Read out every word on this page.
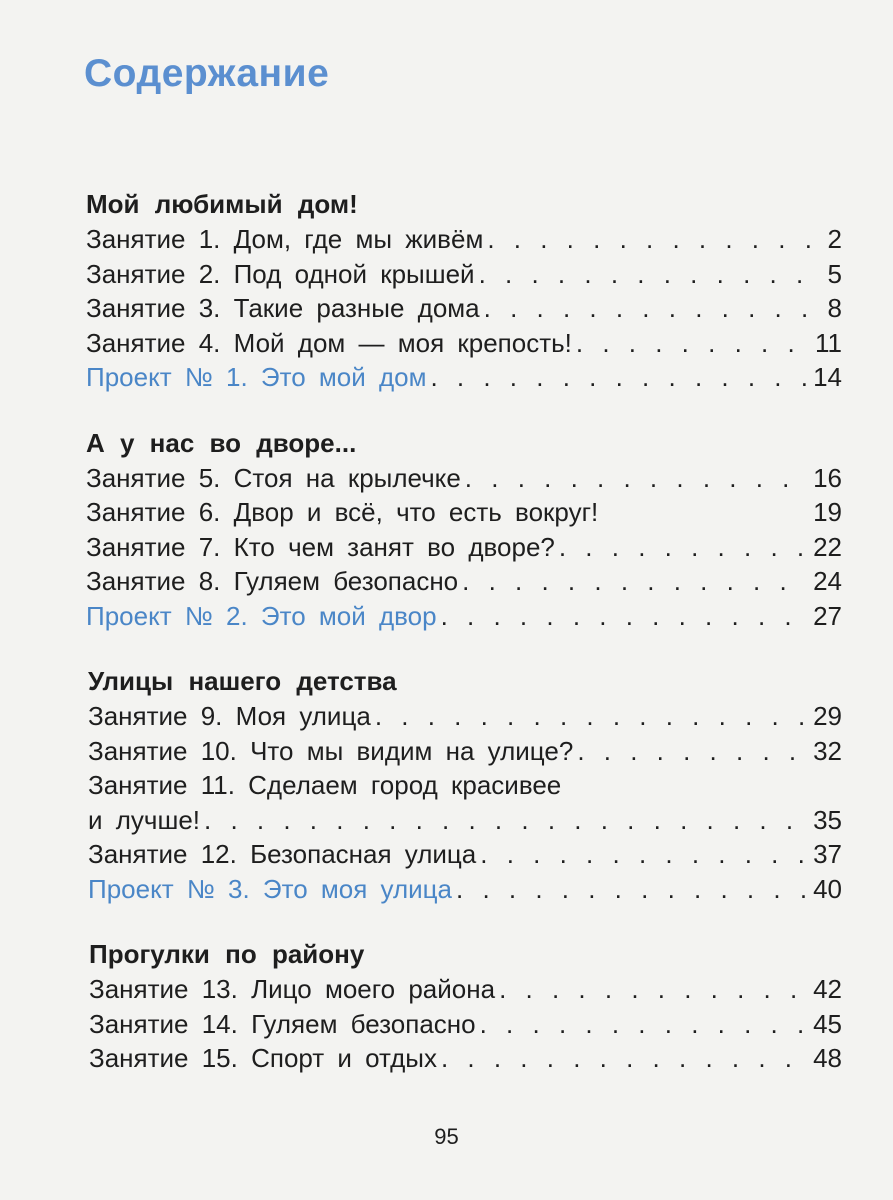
Содержание
Мой любимый дом!
Занятие 1. Дом, где мы живём . . .	2
Занятие 2. Под одной крышей . . .	5
Занятие 3. Такие разные дома . . .	8
Занятие 4. Мой дом — моя крепость! . . .	11
Проект № 1. Это мой дом . . .	14
А у нас во дворе...
Занятие 5. Стоя на крылечке . . .	16
Занятие 6. Двор и всё, что есть вокруг!	19
Занятие 7. Кто чем занят во дворе? . . .	22
Занятие 8. Гуляем безопасно . . .	24
Проект № 2. Это мой двор . . .	27
Улицы нашего детства
Занятие 9. Моя улица . . .	29
Занятие 10. Что мы видим на улице? . . .	32
Занятие 11. Сделаем город красивее
и лучше! . . .	35
Занятие 12. Безопасная улица . . .	37
Проект № 3. Это моя улица . . .	40
Прогулки по району
Занятие 13. Лицо моего района . . .	42
Занятие 14. Гуляем безопасно . . .	45
Занятие 15. Спорт и отдых . . .	48
95
